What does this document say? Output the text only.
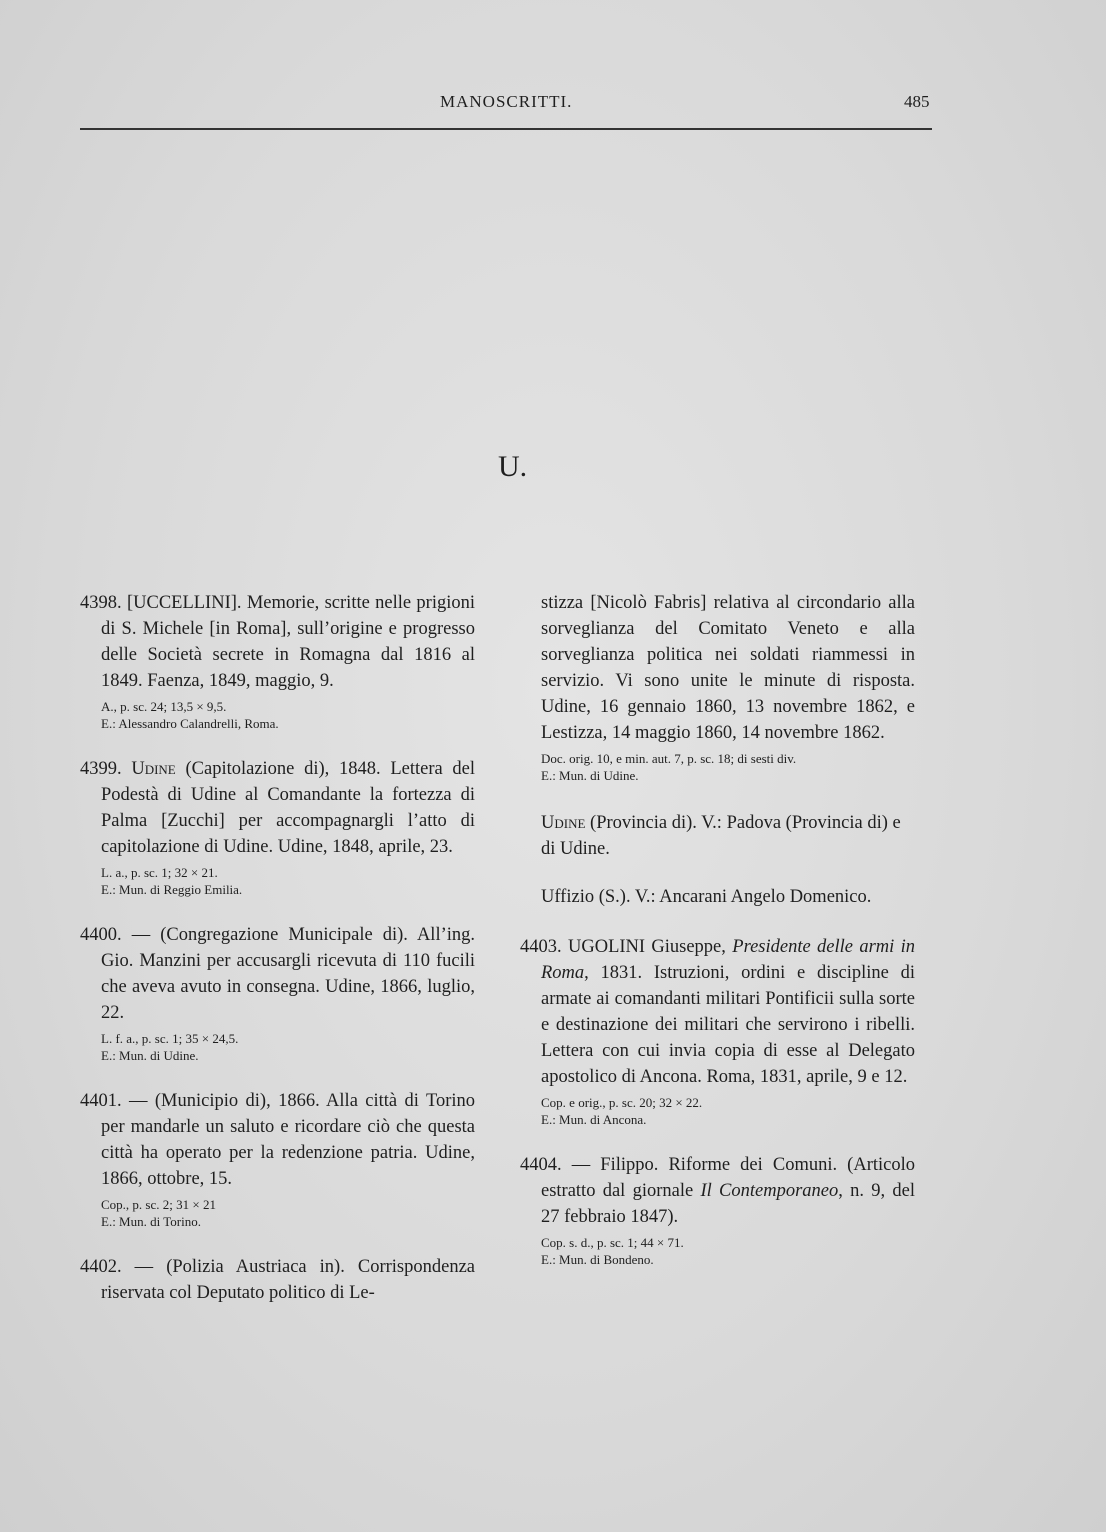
MANOSCRITTI.	485
U.
4398. [UCCELLINI]. Memorie, scritte nelle prigioni di S. Michele [in Roma], sull’origine e progresso delle Società secrete in Romagna dal 1816 al 1849. Faenza, 1849, maggio, 9.
A., p. sc. 24; 13,5 × 9,5.
E.: Alessandro Calandrelli, Roma.
4399. Udine (Capitolazione di), 1848. Lettera del Podestà di Udine al Comandante la fortezza di Palma [Zucchi] per accompagnargli l’atto di capitolazione di Udine. Udine, 1848, aprile, 23.
L. a., p. sc. 1; 32 × 21.
E.: Mun. di Reggio Emilia.
4400. — (Congregazione Municipale di). All’ing. Gio. Manzini per accusargli ricevuta di 110 fucili che aveva avuto in consegna. Udine, 1866, luglio, 22.
L. f. a., p. sc. 1; 35 × 24,5.
E.: Mun. di Udine.
4401. — (Municipio di), 1866. Alla città di Torino per mandarle un saluto e ricordare ciò che questa città ha operato per la redenzione patria. Udine, 1866, ottobre, 15.
Cop., p. sc. 2; 31 × 21
E.: Mun. di Torino.
4402. — (Polizia Austriaca in). Corrispondenza riservata col Deputato politico di Le-
stizza [Nicolò Fabris] relativa al circondario alla sorveglianza del Comitato Veneto e alla sorveglianza politica nei soldati riammessi in servizio. Vi sono unite le minute di risposta. Udine, 16 gennaio 1860, 13 novembre 1862, e Lestizza, 14 maggio 1860, 14 novembre 1862.
Doc. orig. 10, e min. aut. 7, p. sc. 18; di sesti div.
E.: Mun. di Udine.
Udine (Provincia di). V.: Padova (Provincia di) e di Udine.
Uffizio (S.). V.: Ancarani Angelo Domenico.
4403. UGOLINI Giuseppe, Presidente delle armi in Roma, 1831. Istruzioni, ordini e discipline di armate ai comandanti militari Pontificii sulla sorte e destinazione dei militari che servirono i ribelli. Lettera con cui invia copia di esse al Delegato apostolico di Ancona. Roma, 1831, aprile, 9 e 12.
Cop. e orig., p. sc. 20; 32 × 22.
E.: Mun. di Ancona.
4404. — Filippo. Riforme dei Comuni. (Articolo estratto dal giornale Il Contemporaneo, n. 9, del 27 febbraio 1847).
Cop. s. d., p. sc. 1; 44 × 71.
E.: Mun. di Bondeno.
